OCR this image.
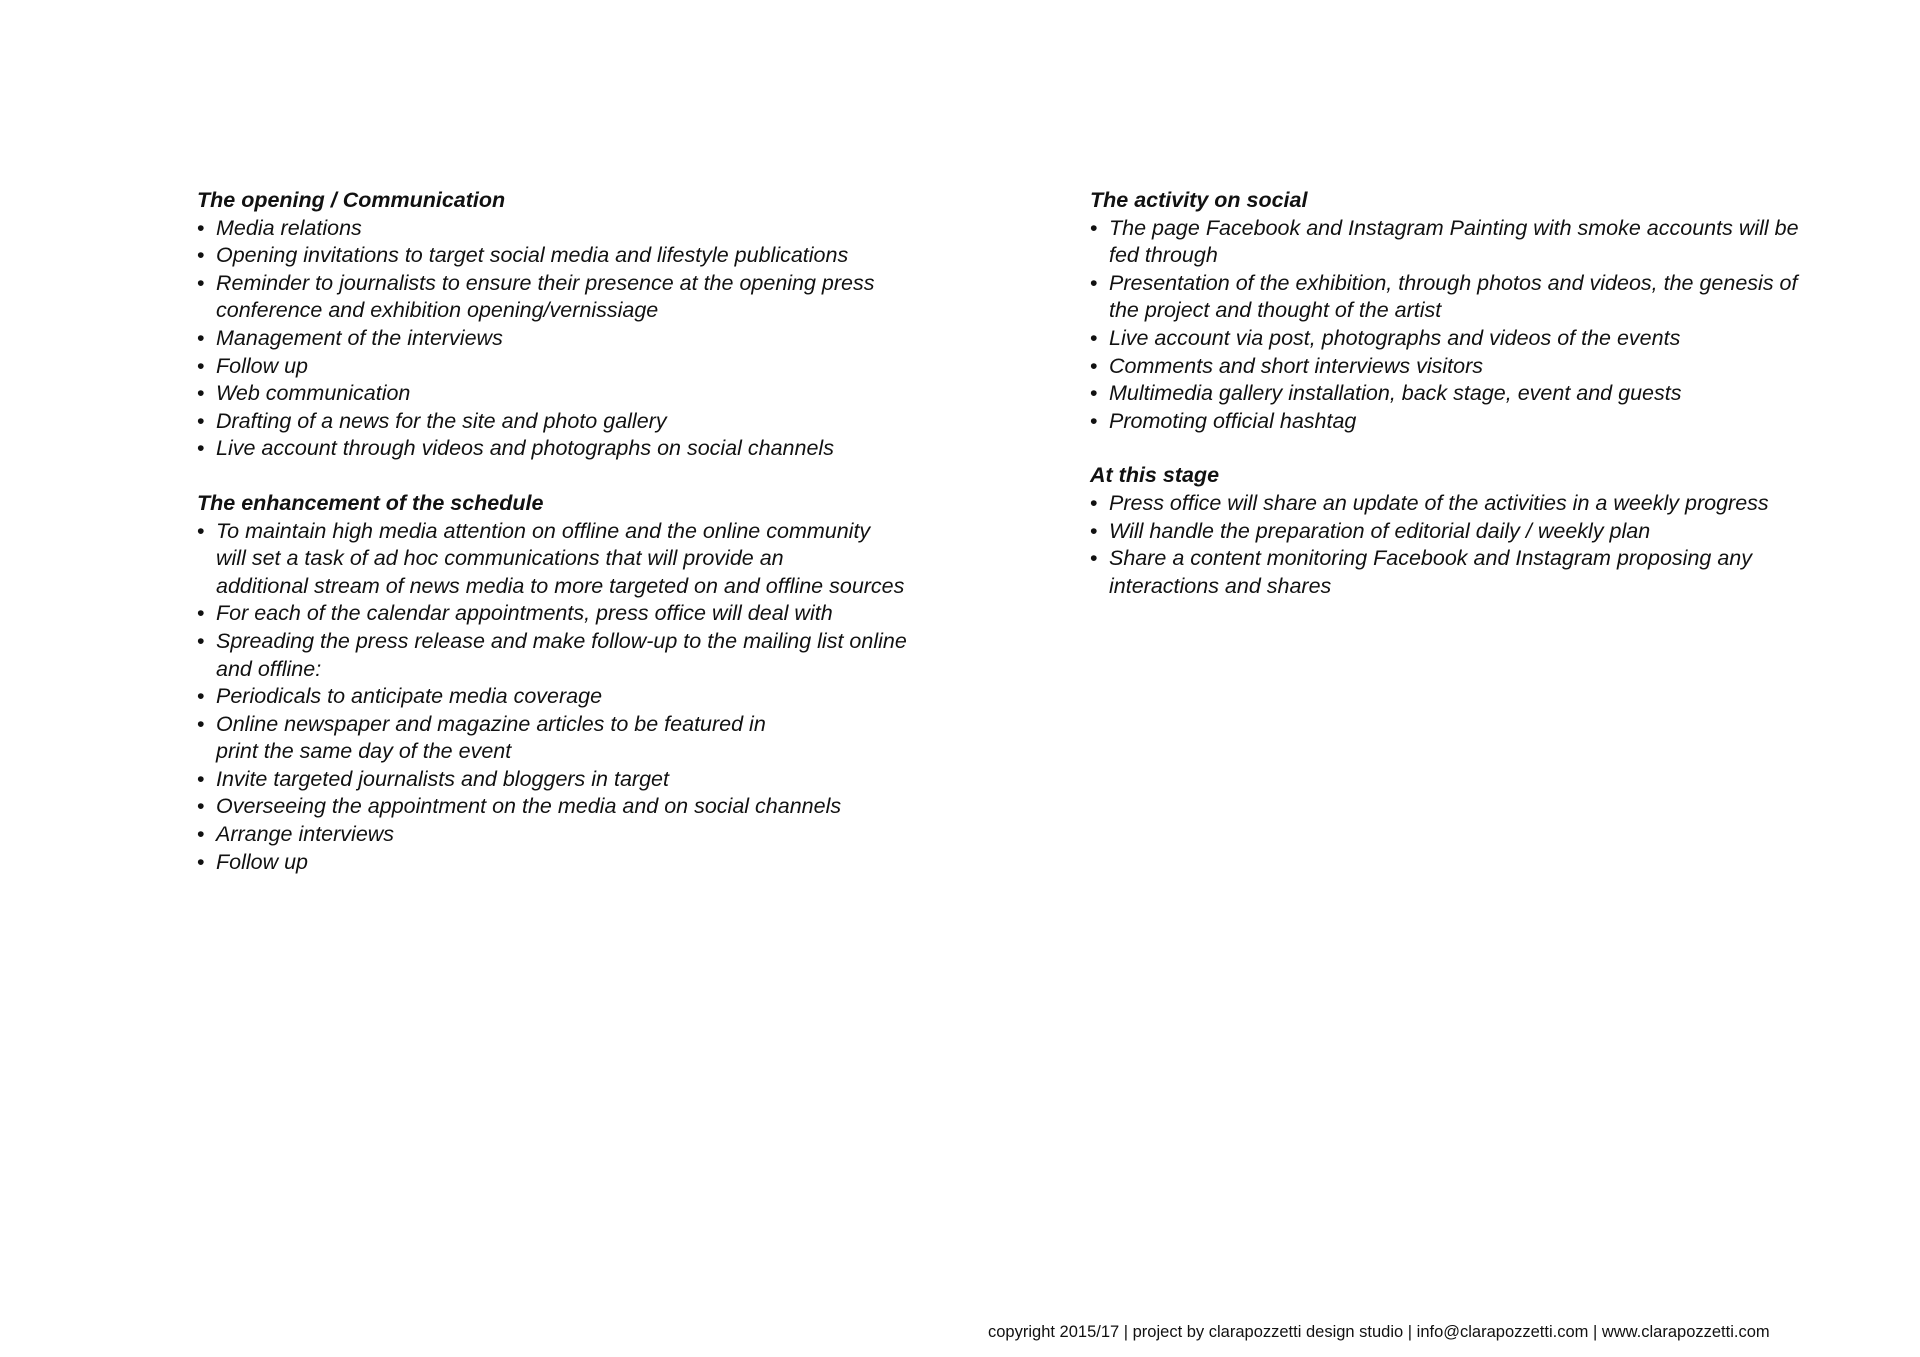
The opening / Communication

• Media relations
• Opening invitations to target social media and lifestyle publications
• Reminder to journalists to ensure their presence at the opening press
conference and exhibition opening/vernissiage
• Management of the interviews
• Follow up
• Web communication
• Drafting of a news for the site and photo gallery
• Live account through videos and photographs on social channels

The enhancement of the schedule

• To maintain high media attention on offline and the online community
will set a task of ad hoc communications that will provide an
additional stream of news media to more targeted on and offline sources
• For each of the calendar appointments, press office will deal with
• Spreading the press release and make follow-up to the mailing list online
and offline:
• Periodicals to anticipate media coverage
• Online newspaper and magazine articles to be featured in
print the same day of the event
• Invite targeted journalists and bloggers in target
• Overseeing the appointment on the media and on social channels
• Arrange interviews
• Follow up

The activity on social

• The page Facebook and Instagram Painting with smoke accounts will be
fed through
• Presentation of the exhibition, through photos and videos, the genesis of
the project and thought of the artist
• Live account via post, photographs and videos of the events
• Comments and short interviews visitors
• Multimedia gallery installation, back stage, event and guests
• Promoting official hashtag

At this stage

• Press office will share an update of the activities in a weekly progress
• Will handle the preparation of editorial daily / weekly plan
• Share a content monitoring Facebook and Instagram proposing any
interactions and shares
copyright 2015/17 | project by clarapozzetti design studio | info@clarapozzetti.com | www.clarapozzetti.com
